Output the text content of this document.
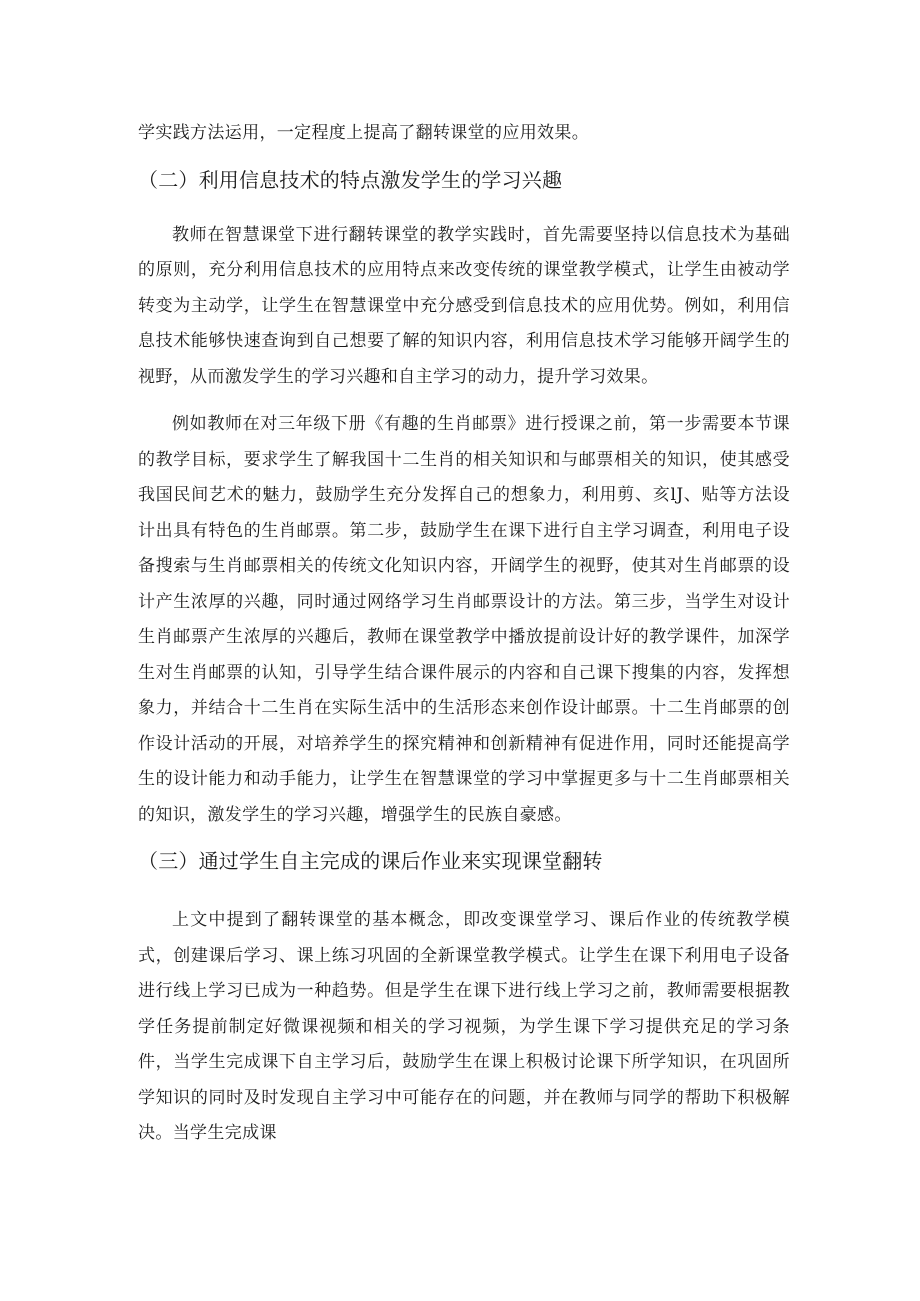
学实践方法运用，一定程度上提高了翻转课堂的应用效果。

（二）利用信息技术的特点激发学生的学习兴趣

教师在智慧课堂下进行翻转课堂的教学实践时，首先需要坚持以信息技术为基础的原则，充分利用信息技术的应用特点来改变传统的课堂教学模式，让学生由被动学转变为主动学，让学生在智慧课堂中充分感受到信息技术的应用优势。例如，利用信息技术能够快速查询到自己想要了解的知识内容，利用信息技术学习能够开阔学生的视野，从而激发学生的学习兴趣和自主学习的动力，提升学习效果。

例如教师在对三年级下册《有趣的生肖邮票》进行授课之前，第一步需要本节课的教学目标，要求学生了解我国十二生肖的相关知识和与邮票相关的知识，使其感受我国民间艺术的魅力，鼓励学生充分发挥自己的想象力，利用剪、亥lJ、贴等方法设计出具有特色的生肖邮票。第二步，鼓励学生在课下进行自主学习调查，利用电子设备搜索与生肖邮票相关的传统文化知识内容，开阔学生的视野，使其对生肖邮票的设计产生浓厚的兴趣，同时通过网络学习生肖邮票设计的方法。第三步，当学生对设计生肖邮票产生浓厚的兴趣后，教师在课堂教学中播放提前设计好的教学课件，加深学生对生肖邮票的认知，引导学生结合课件展示的内容和自己课下搜集的内容，发挥想象力，并结合十二生肖在实际生活中的生活形态来创作设计邮票。十二生肖邮票的创作设计活动的开展，对培养学生的探究精神和创新精神有促进作用，同时还能提高学生的设计能力和动手能力，让学生在智慧课堂的学习中掌握更多与十二生肖邮票相关的知识，激发学生的学习兴趣，增强学生的民族自豪感。

（三）通过学生自主完成的课后作业来实现课堂翻转

上文中提到了翻转课堂的基本概念，即改变课堂学习、课后作业的传统教学模式，创建课后学习、课上练习巩固的全新课堂教学模式。让学生在课下利用电子设备进行线上学习已成为一种趋势。但是学生在课下进行线上学习之前，教师需要根据教学任务提前制定好微课视频和相关的学习视频，为学生课下学习提供充足的学习条件，当学生完成课下自主学习后，鼓励学生在课上积极讨论课下所学知识，在巩固所学知识的同时及时发现自主学习中可能存在的问题，并在教师与同学的帮助下积极解决。当学生完成课
